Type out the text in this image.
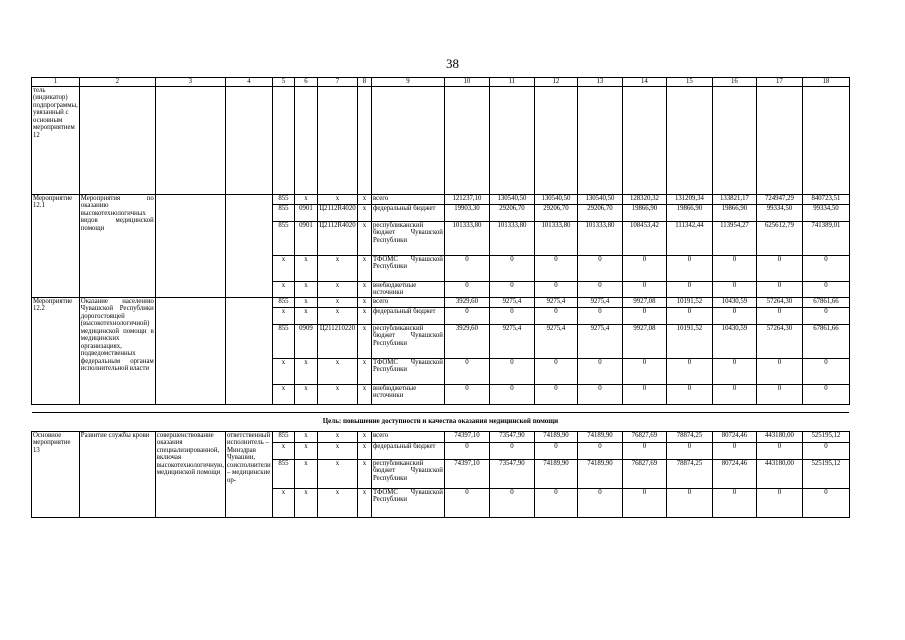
38
1	2	3	4	5	6	7	8	9	10	11	12	13	14	15	16	17	18
тель (индикатор) подпрограммы, увязанный с основным мероприятием 12																	
Мероприятие 12.1	Мероприятия по оказанию высокотехнологичных видов медицинской помощи			855	х	х	х	всего	121237,10	130540,50	130540,50	130540,50	128320,32	131209,34	133821,17	724947,29	840723,51
				855	0901	Ц2112R4020	х	федеральный бюджет	19903,30	29206,70	29206,70	29206,70	19866,90	19866,90	19866,90	99334,50	99334,50
				855	0901	Ц2112R4020	х	республиканский бюджет Чувашской Республики	101333,80	101333,80	101333,80	101333,80	108453,42	111342,44	113954,27	625612,79	741389,01
				х	х	х	х	ТФОМС Чувашской Республики	0	0	0	0	0	0	0	0	0
				х	х	х	х	внебюджетные источники	0	0	0	0	0	0	0	0	0
Мероприятие 12.2	Оказание населению Чувашской Республики дорогостоящей (высокотехнологичной) медицинской помощи в медицинских организациях, подведомственных федеральным органам исполнительной власти			855	х	х	х	всего	3929,60	9275,4	9275,4	9275,4	9927,08	10191,52	10430,59	57264,30	67861,66
				х	х	х	х	федеральный бюджет	0	0	0	0	0	0	0	0	0
				855	0909	Ц211210220	х	республиканский бюджет Чувашской Республики	3929,60	9275,4	9275,4	9275,4	9927,08	10191,52	10430,59	57264,30	67861,66
				х	х	х	х	ТФОМС Чувашской Республики	0	0	0	0	0	0	0	0	0
				х	х	х	х	внебюджетные источники	0	0	0	0	0	0	0	0	0

Цель: повышение доступности и качества оказания медицинской помощи																	
Основное мероприятие 13	Развитие службы крови	совершенствование оказания специализированной, включая высокотехнологичную, медицинской помощи	ответственный исполнитель – Минздрав Чувашии, соисполнители – медицинские ор-	855	х	х	х	всего	74397,10	73547,90	74189,90	74189,90	76827,69	78874,25	80724,46	443180,00	525195,12
				х	х	х	х	федеральный бюджет	0	0	0	0	0	0	0	0	0
				855	х	х	х	республиканский бюджет Чувашской Республики	74397,10	73547,90	74189,90	74189,90	76827,69	78874,25	80724,46	443180,00	525195,12
				х	х	х	х	ТФОМС Чувашской Республики	0	0	0	0	0	0	0	0	0
